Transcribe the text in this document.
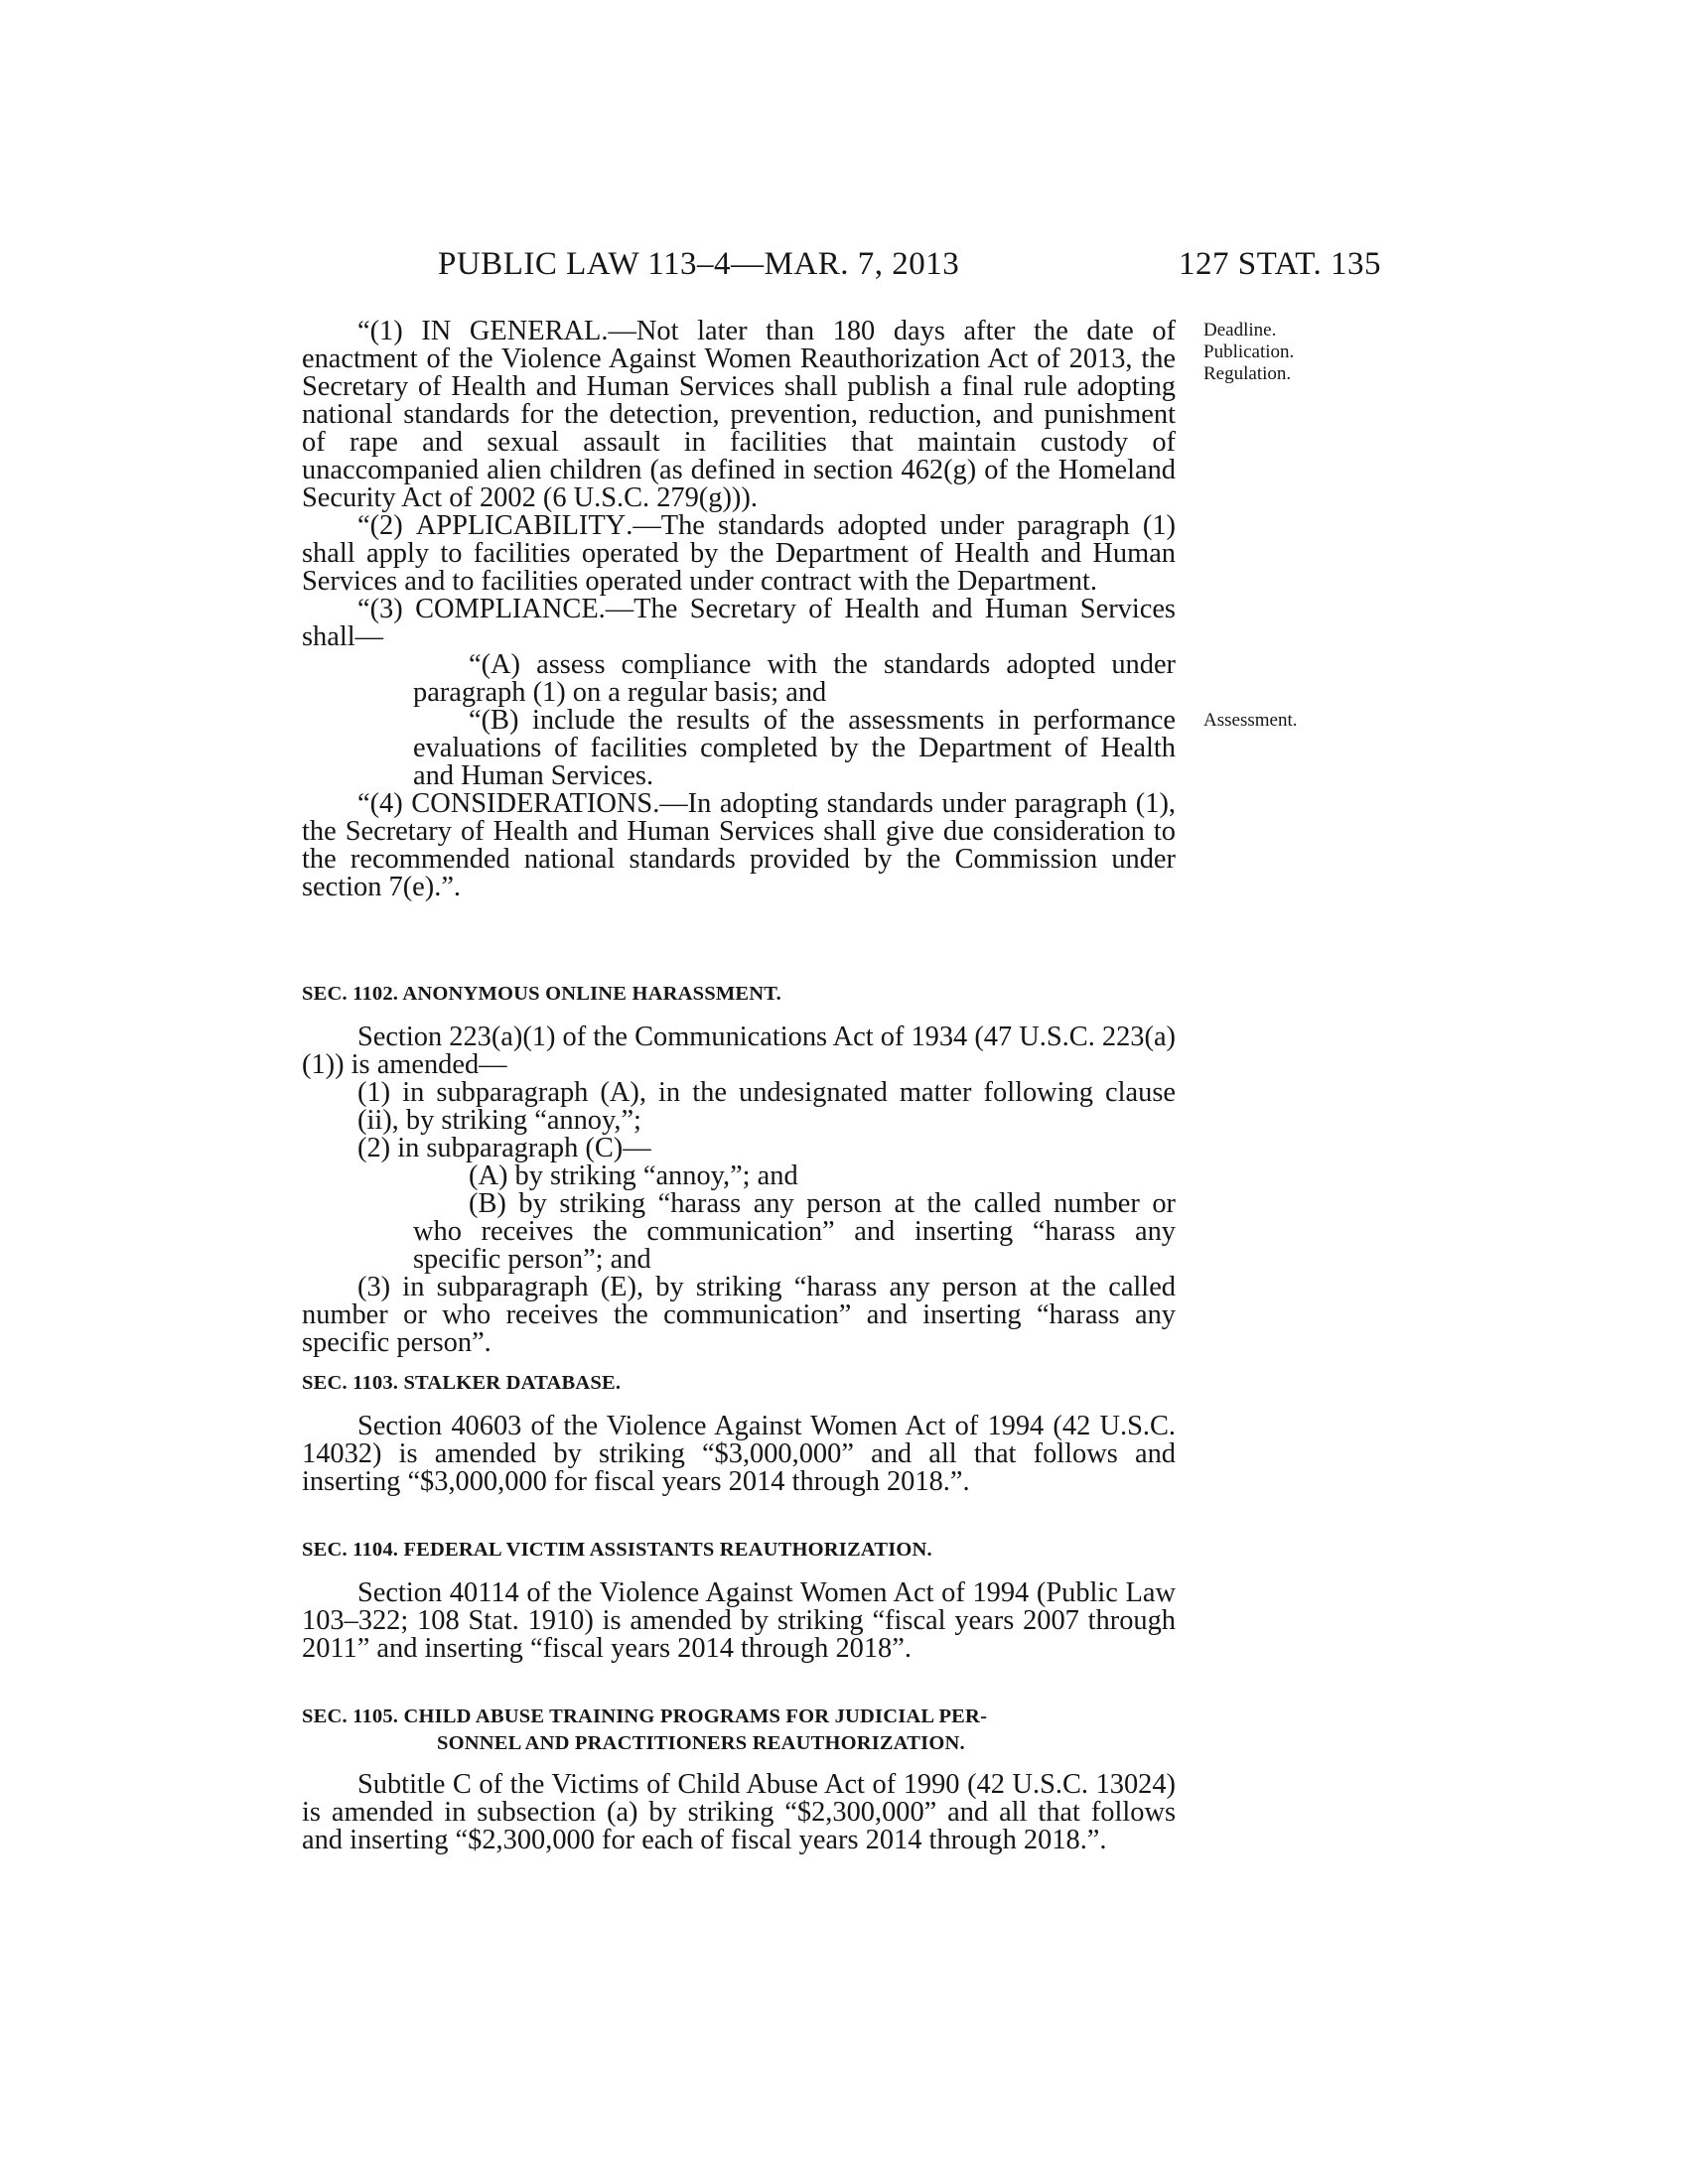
PUBLIC LAW 113–4—MAR. 7, 2013	127 STAT. 135
Deadline.
Publication.
Regulation.
Assessment.

“(1) IN GENERAL.—Not later than 180 days after the date of enactment of the Violence Against Women Reauthorization Act of 2013, the Secretary of Health and Human Services shall publish a final rule adopting national standards for the detection, prevention, reduction, and punishment of rape and sexual assault in facilities that maintain custody of unaccompanied alien children (as defined in section 462(g) of the Homeland Security Act of 2002 (6 U.S.C. 279(g))).

“(2) APPLICABILITY.—The standards adopted under paragraph (1) shall apply to facilities operated by the Department of Health and Human Services and to facilities operated under contract with the Department.

“(3) COMPLIANCE.—The Secretary of Health and Human Services shall—

“(A) assess compliance with the standards adopted under paragraph (1) on a regular basis; and

“(B) include the results of the assessments in performance evaluations of facilities completed by the Department of Health and Human Services.

“(4) CONSIDERATIONS.—In adopting standards under paragraph (1), the Secretary of Health and Human Services shall give due consideration to the recommended national standards provided by the Commission under section 7(e).”.

SEC. 1102. ANONYMOUS ONLINE HARASSMENT.

Section 223(a)(1) of the Communications Act of 1934 (47 U.S.C. 223(a)(1)) is amended—

(1) in subparagraph (A), in the undesignated matter following clause (ii), by striking “annoy,”;

(2) in subparagraph (C)—

(A) by striking “annoy,”; and

(B) by striking “harass any person at the called number or who receives the communication” and inserting “harass any specific person”; and

(3) in subparagraph (E), by striking “harass any person at the called number or who receives the communication” and inserting “harass any specific person”.

SEC. 1103. STALKER DATABASE.

Section 40603 of the Violence Against Women Act of 1994 (42 U.S.C. 14032) is amended by striking “$3,000,000” and all that follows and inserting “$3,000,000 for fiscal years 2014 through 2018.”.

SEC. 1104. FEDERAL VICTIM ASSISTANTS REAUTHORIZATION.

Section 40114 of the Violence Against Women Act of 1994 (Public Law 103–322; 108 Stat. 1910) is amended by striking “fiscal years 2007 through 2011” and inserting “fiscal years 2014 through 2018”.

SEC. 1105. CHILD ABUSE TRAINING PROGRAMS FOR JUDICIAL PER-
SONNEL AND PRACTITIONERS REAUTHORIZATION.

Subtitle C of the Victims of Child Abuse Act of 1990 (42 U.S.C. 13024) is amended in subsection (a) by striking “$2,300,000” and all that follows and inserting “$2,300,000 for each of fiscal years 2014 through 2018.”.
